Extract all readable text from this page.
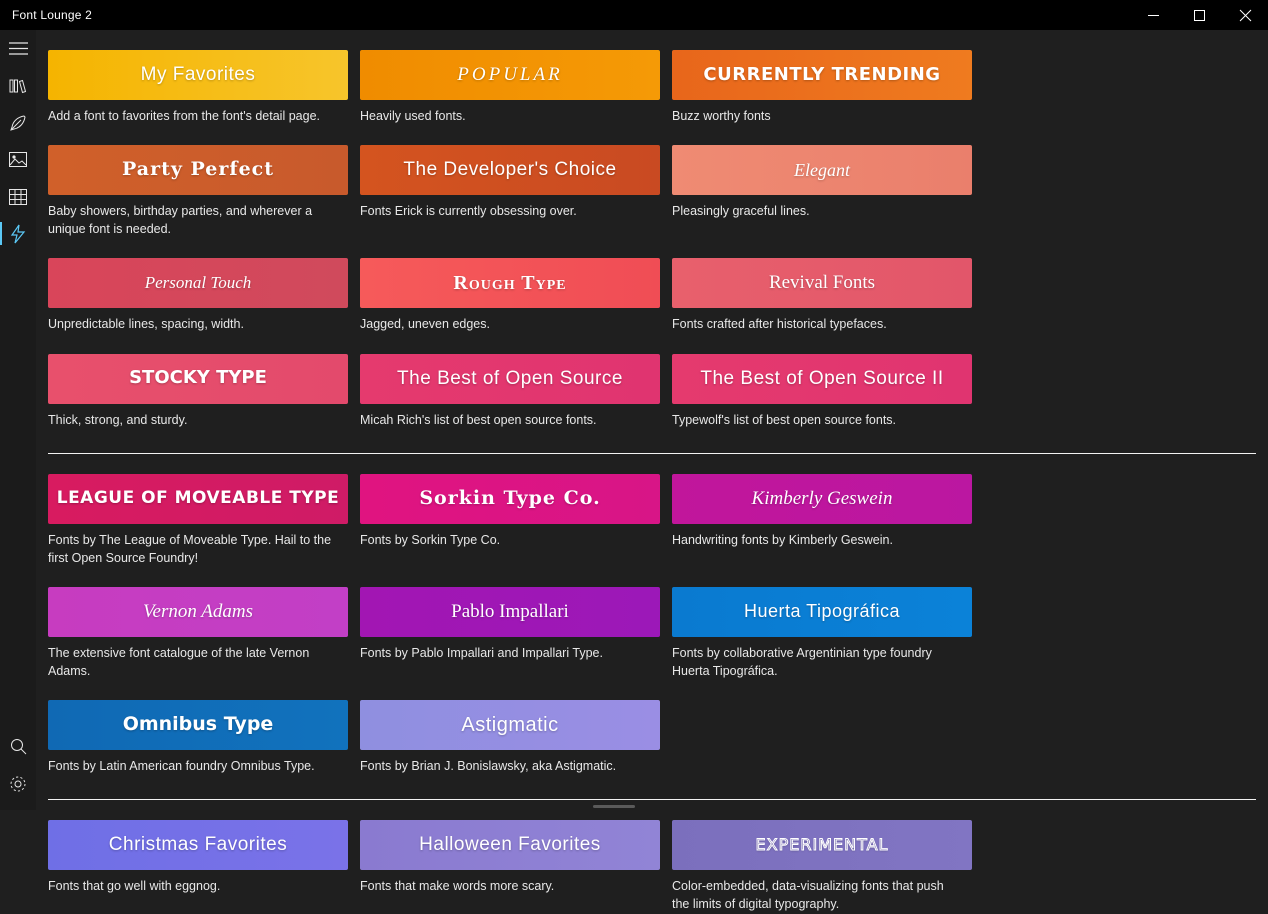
Font Lounge 2
My Favorites
Add a font to favorites from the font's detail page.
POPULAR
Heavily used fonts.
CURRENTLY TRENDING
Buzz worthy fonts
Party Perfect
Baby showers, birthday parties, and wherever a unique font is needed.
The Developer's Choice
Fonts Erick is currently obsessing over.
Elegant
Pleasingly graceful lines.
Personal Touch
Unpredictable lines, spacing, width.
Rough Type
Jagged, uneven edges.
Revival Fonts
Fonts crafted after historical typefaces.
STOCKY TYPE
Thick, strong, and sturdy.
The Best of Open Source
Micah Rich's list of best open source fonts.
The Best of Open Source II
Typewolf's list of best open source fonts.
LEAGUE OF MOVEABLE TYPE
Fonts by The League of Moveable Type. Hail to the first Open Source Foundry!
Sorkin Type Co.
Fonts by Sorkin Type Co.
Kimberly Geswein
Handwriting fonts by Kimberly Geswein.
Vernon Adams
The extensive font catalogue of the late Vernon Adams.
Pablo Impallari
Fonts by Pablo Impallari and Impallari Type.
Huerta Tipográfica
Fonts by collaborative Argentinian type foundry Huerta Tipográfica.
Omnibus Type
Fonts by Latin American foundry Omnibus Type.
Astigmatic
Fonts by Brian J. Bonislawsky, aka Astigmatic.
Christmas Favorites
Fonts that go well with eggnog.
Halloween Favorites
Fonts that make words more scary.
EXPERIMENTAL
Color-embedded, data-visualizing fonts that push the limits of digital typography.
